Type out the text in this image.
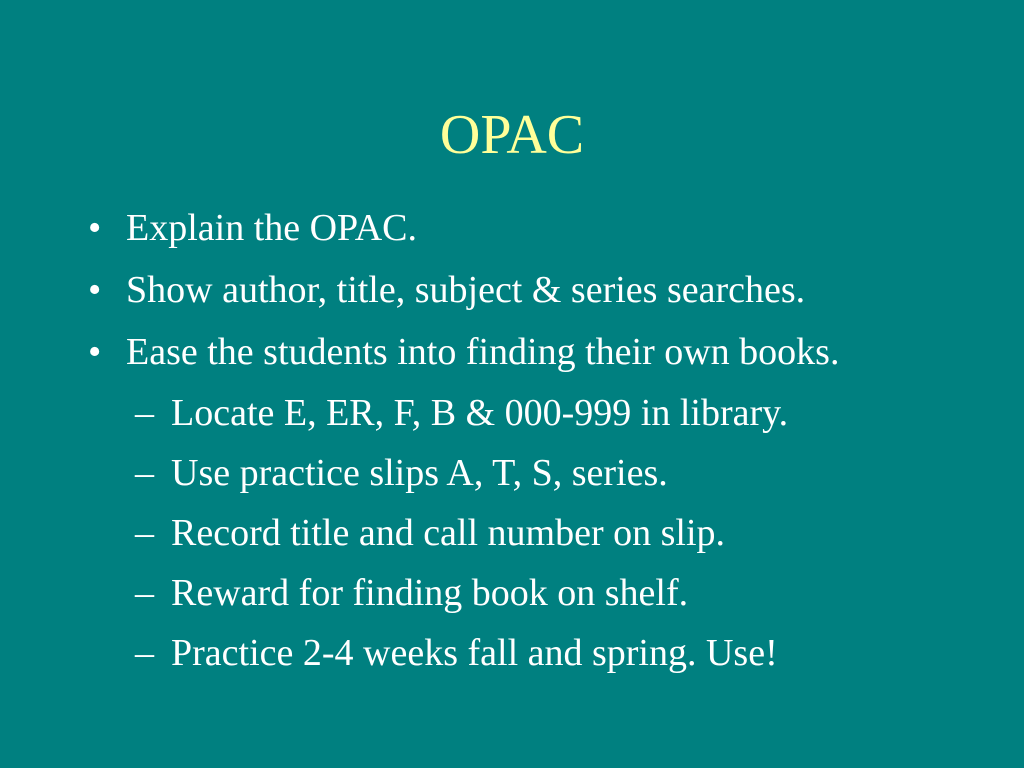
OPAC
• Explain the OPAC.
• Show author, title, subject & series searches.
• Ease the students into finding their own books.
– Locate E, ER, F, B & 000-999 in library.
– Use practice slips A, T, S, series.
– Record title and call number on slip.
– Reward for finding book on shelf.
– Practice 2-4 weeks fall and spring. Use!
